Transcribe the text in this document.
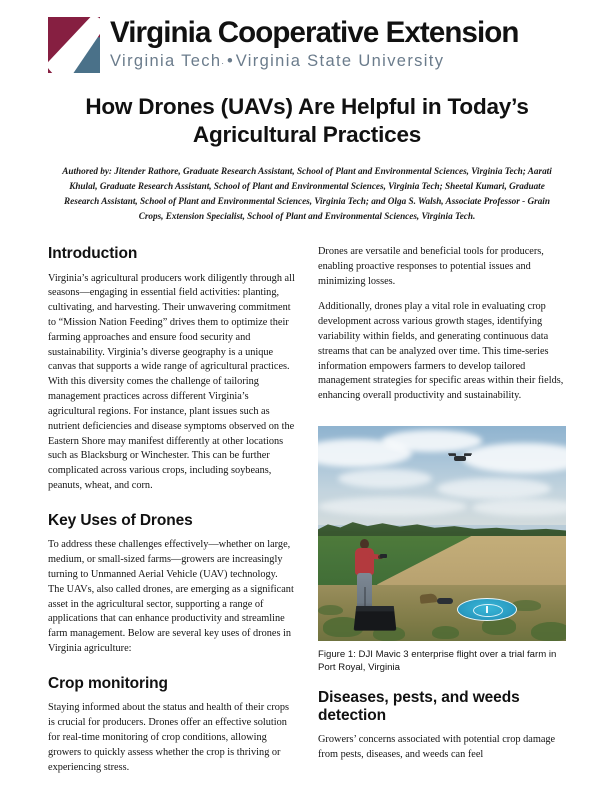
Virginia Cooperative Extension
Virginia Tech. • Virginia State University
How Drones (UAVs) Are Helpful in Today’s Agricultural Practices
Authored by: Jitender Rathore, Graduate Research Assistant, School of Plant and Environmental Sciences, Virginia Tech; Aarati Khulal, Graduate Research Assistant, School of Plant and Environmental Sciences, Virginia Tech; Sheetal Kumari, Graduate Research Assistant, School of Plant and Environmental Sciences, Virginia Tech; and Olga S. Walsh, Associate Professor - Grain Crops, Extension Specialist, School of Plant and Environmental Sciences, Virginia Tech.
Introduction

Virginia’s agricultural producers work diligently through all seasons—engaging in essential field activities: planting, cultivating, and harvesting. Their unwavering commitment to “Mission Nation Feeding” drives them to optimize their farming approaches and ensure food security and sustainability. Virginia’s diverse geography is a unique canvas that supports a wide range of agricultural practices. With this diversity comes the challenge of tailoring management practices across different Virginia’s agricultural regions. For instance, plant issues such as nutrient deficiencies and disease symptoms observed on the Eastern Shore may manifest differently at other locations such as Blacksburg or Winchester. This can be further complicated across various crops, including soybeans, peanuts, wheat, and corn.

Key Uses of Drones

To address these challenges effectively—whether on large, medium, or small-sized farms—growers are increasingly turning to Unmanned Aerial Vehicle (UAV) technology. The UAVs, also called drones, are emerging as a significant asset in the agricultural sector, supporting a range of applications that can enhance productivity and streamline farm management. Below are several key uses of drones in Virginia agriculture:

Crop monitoring

Staying informed about the status and health of their crops is crucial for producers. Drones offer an effective solution for real-time monitoring of crop conditions, allowing growers to quickly assess whether the crop is thriving or experiencing stress.

Drones are versatile and beneficial tools for producers, enabling proactive responses to potential issues and minimizing losses.

Additionally, drones play a vital role in evaluating crop development across various growth stages, identifying variability within fields, and generating continuous data streams that can be analyzed over time. This time-series information empowers farmers to develop tailored management strategies for specific areas within their fields, enhancing overall productivity and sustainability.

Figure 1: DJI Mavic 3 enterprise flight over a trial farm in Port Royal, Virginia
Diseases, pests, and weeds detection

Growers’ concerns associated with potential crop damage from pests, diseases, and weeds can feel
